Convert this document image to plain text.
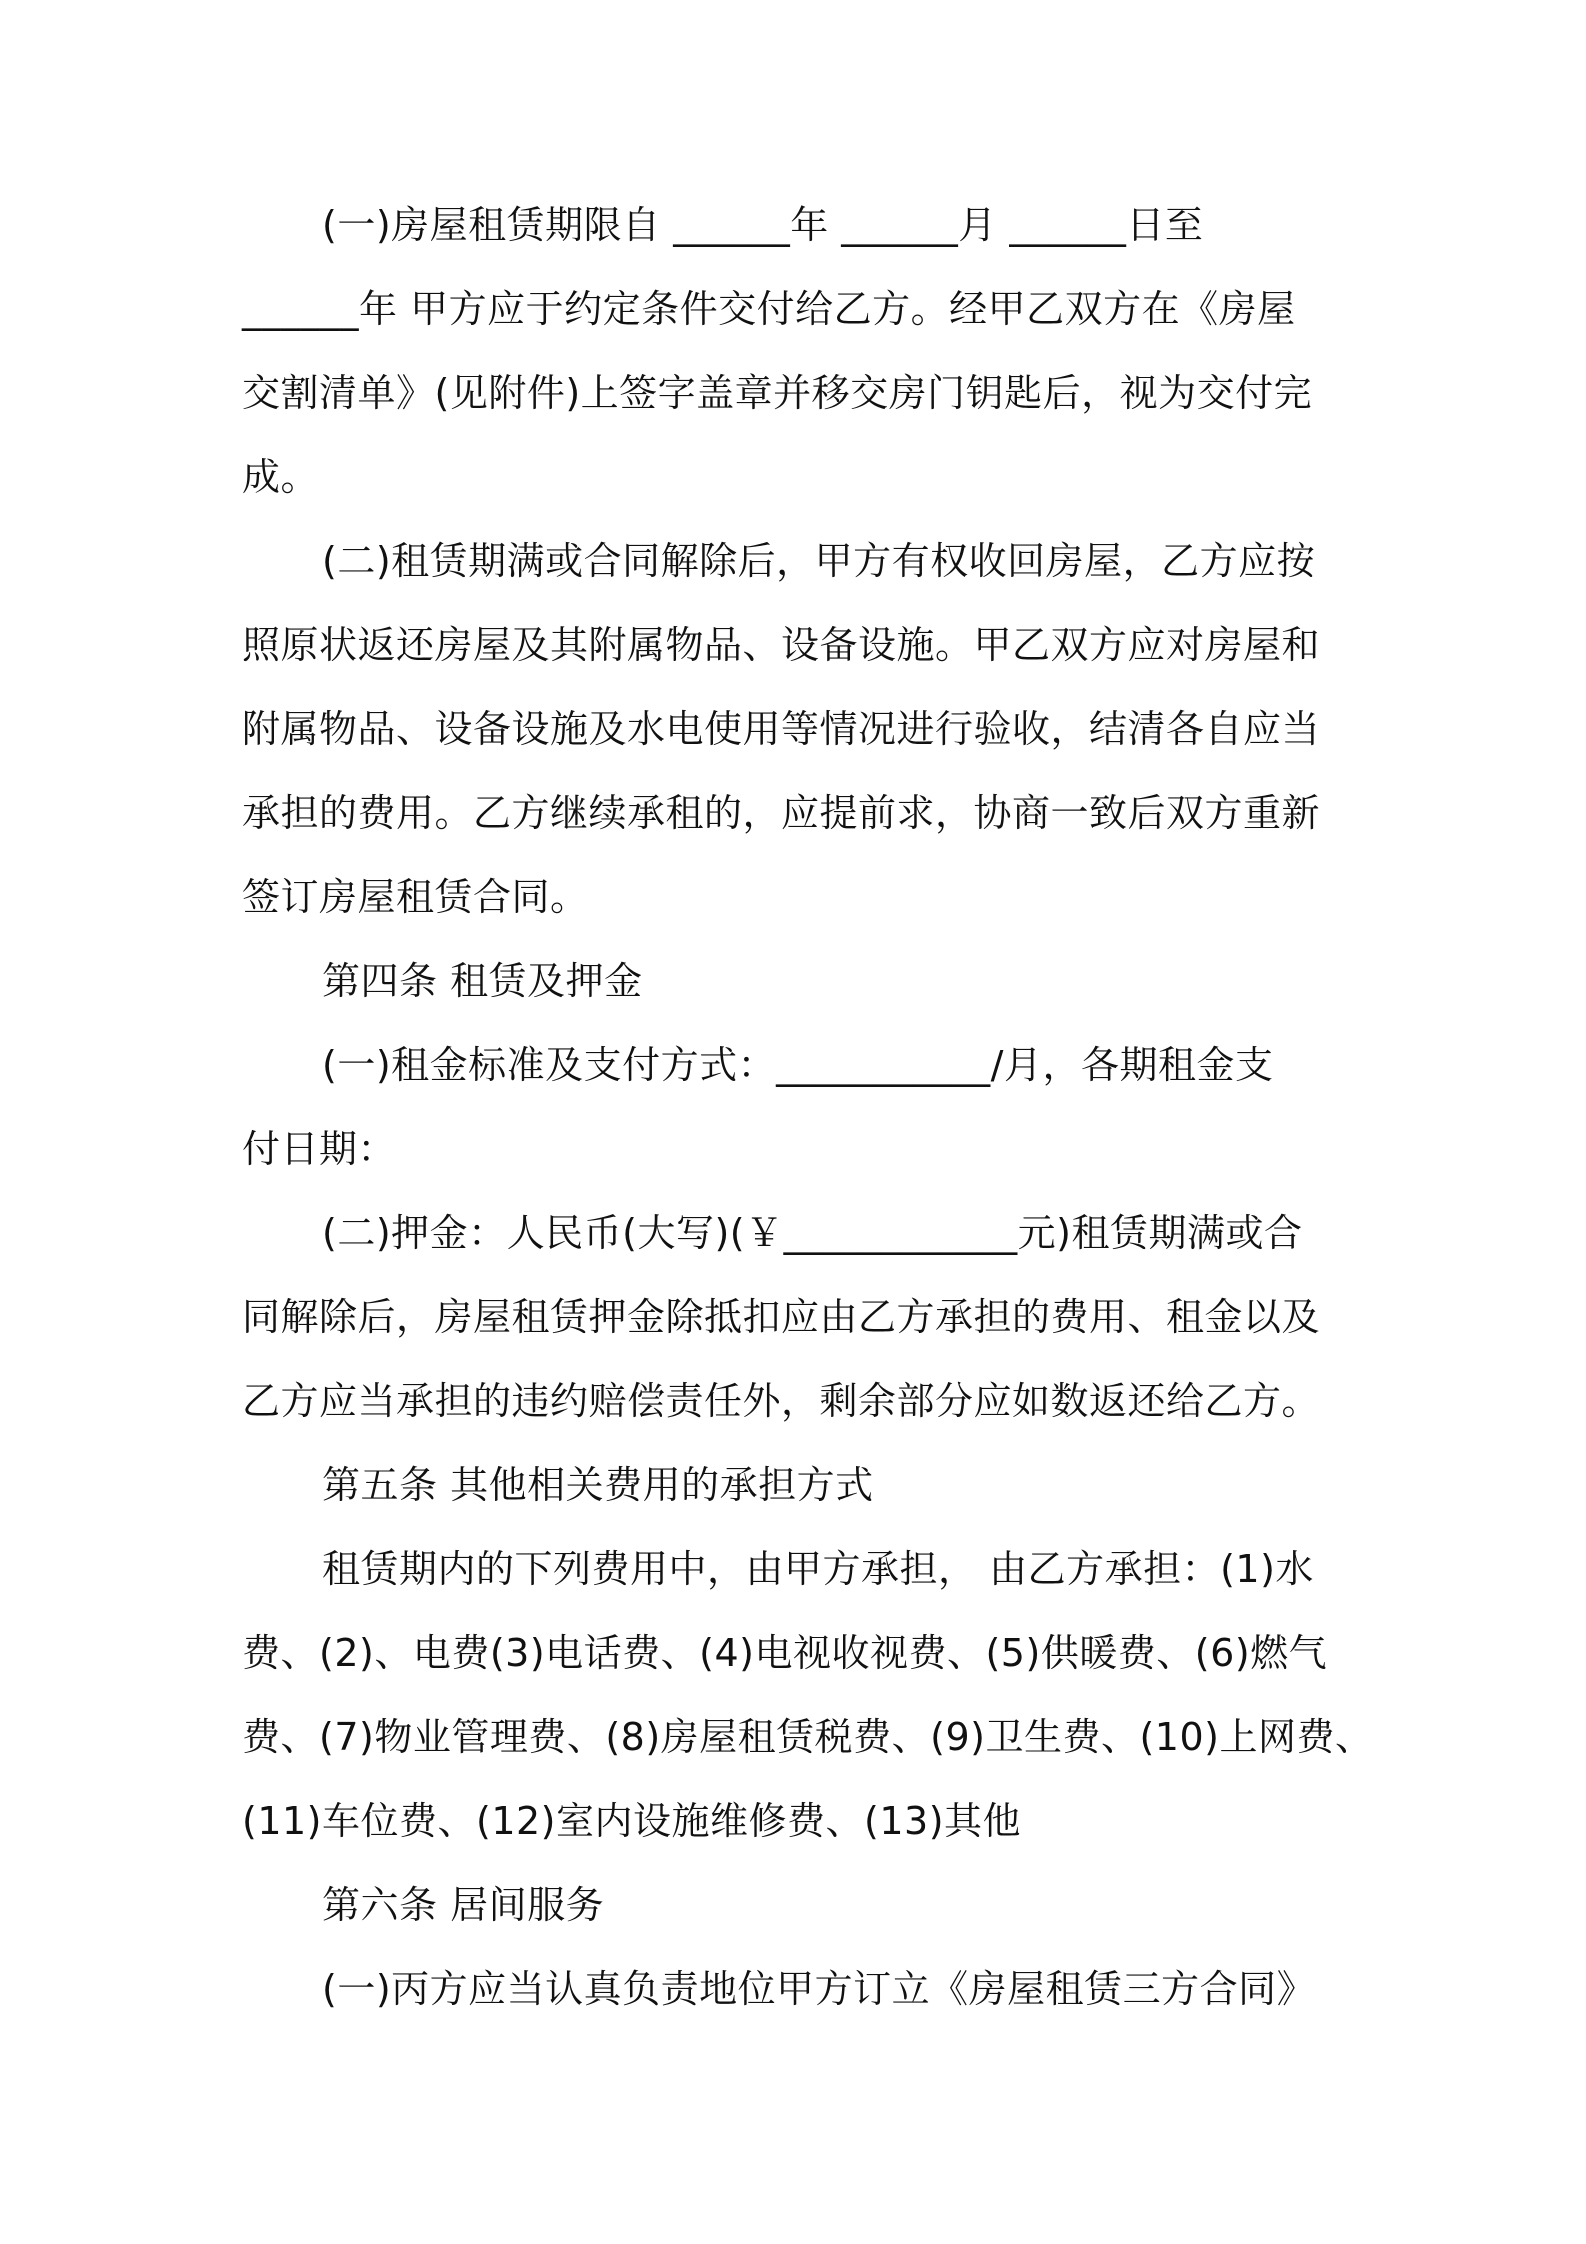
(一)房屋租赁期限自 ______年 ______月 ______日至
______年 甲方应于约定条件交付给乙方。经甲乙双方在《房屋
交割清单》(见附件)上签字盖章并移交房门钥匙后，视为交付完
成。
(二)租赁期满或合同解除后，甲方有权收回房屋，乙方应按
照原状返还房屋及其附属物品、设备设施。甲乙双方应对房屋和
附属物品、设备设施及水电使用等情况进行验收，结清各自应当
承担的费用。乙方继续承租的，应提前求，协商一致后双方重新
签订房屋租赁合同。
第四条 租赁及押金
(一)租金标准及支付方式：___________/月，各期租金支
付日期：
(二)押金：人民币(大写)(￥____________元)租赁期满或合
同解除后，房屋租赁押金除抵扣应由乙方承担的费用、租金以及
乙方应当承担的违约赔偿责任外，剩余部分应如数返还给乙方。
第五条 其他相关费用的承担方式
租赁期内的下列费用中，由甲方承担， 由乙方承担：(1)水
费、(2)、电费(3)电话费、(4)电视收视费、(5)供暖费、(6)燃气
费、(7)物业管理费、(8)房屋租赁税费、(9)卫生费、(10)上网费、
(11)车位费、(12)室内设施维修费、(13)其他
第六条 居间服务
(一)丙方应当认真负责地位甲方订立《房屋租赁三方合同》
